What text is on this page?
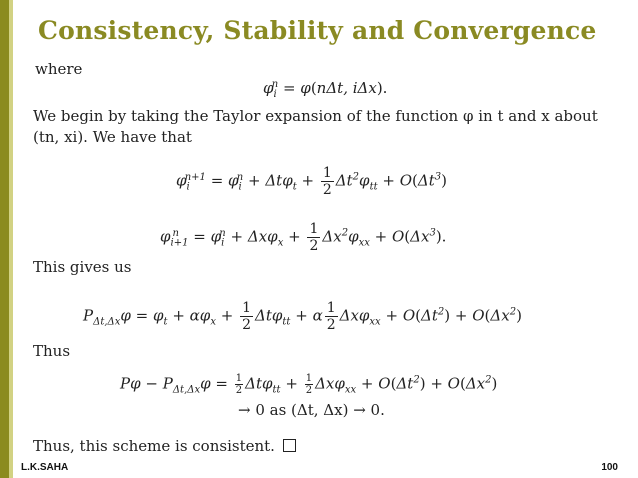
Consistency, Stability and Convergence
where
$\varphi_i^n = \varphi(n\Delta t$, iΔx).
We begin by taking the Taylor expansion of the function φ in t and x about
(tn, xi). We have that
$\varphi_i^{n+1} = \varphi_i^n + \Delta t\varphi_t + \frac{1}{2} \Delta t^2\varphi_{tt} + O(\Delta t^3)$
$\varphi_{i+1}^n = \varphi_i^n + \Delta x\varphi_x + \frac{1}{2} \Delta x^2\varphi_{xx} + O(\Delta x^3)$.
This gives us
$P_{\Delta t,\Delta x}\varphi = \varphi_t + \alpha\varphi_x + \frac{1}{2} \Delta t\varphi_{tt} + \alpha \frac{1}{2} \Delta x\varphi_{xx} + O(\Delta t^2) + O(\Delta x^2)$
Thus
$P\varphi - P_{\Delta t,\Delta x}\varphi = \frac{1}{2} \Delta t\varphi_{tt} + \frac{1}{2} \Delta x\varphi_{xx} + O(\Delta t^2) + O(\Delta x^2)$
→ 0 as (Δt, Δx) → 0.
Thus, this scheme is consistent.
L.K.SAHA	100
